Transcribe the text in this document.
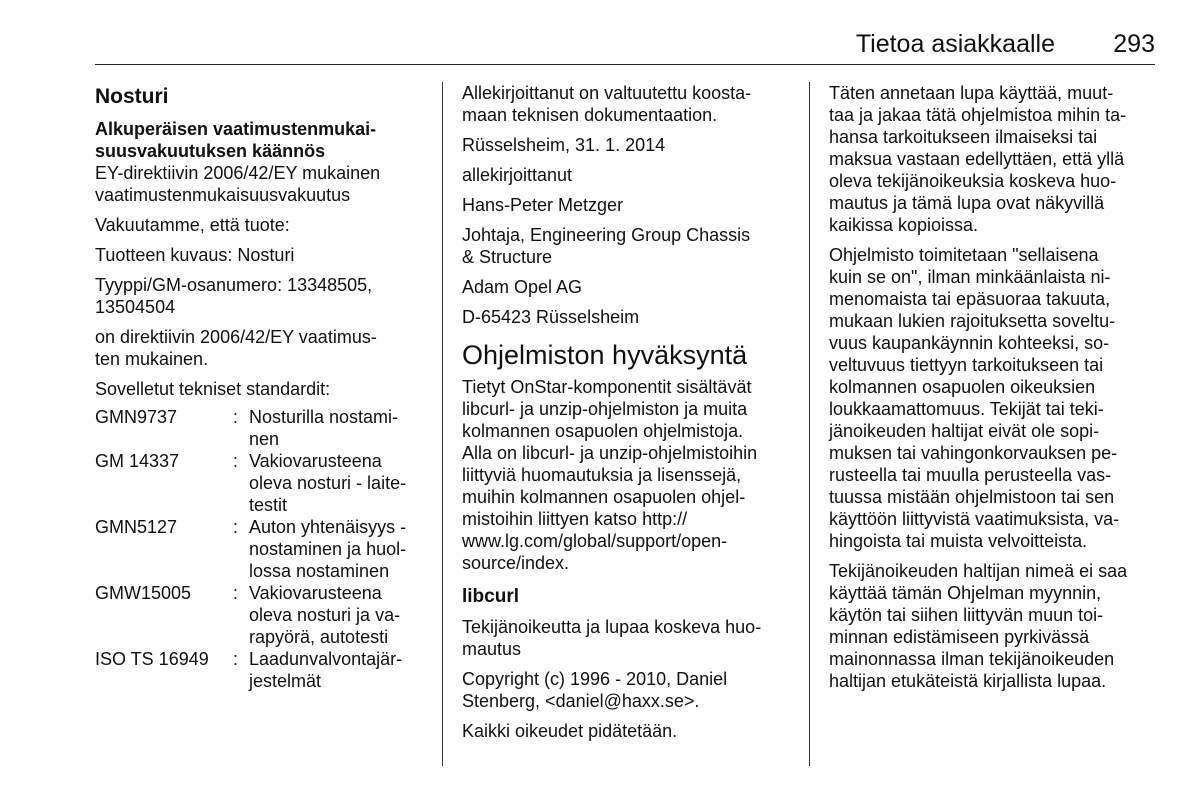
Tietoa asiakkaalle 293
Nosturi
Alkuperäisen vaatimustenmukai-
suusvakuutuksen käännös

EY-direktiivin 2006/42/EY mukainen
vaatimustenmukaisuusvakuutus

Vakuutamme, että tuote:

Tuotteen kuvaus: Nosturi

Tyyppi/GM-osanumero: 13348505,
13504504

on direktiivin 2006/42/EY vaatimus-
ten mukainen.

Sovelletut tekniset standardit:

GMN9737	:	Nosturilla nostami-
nen
GM 14337	:	Vakiovarusteena
oleva nosturi - laite-
testit
GMN5127	:	Auton yhtenäisyys -
nostaminen ja huol-
lossa nostaminen
GMW15005	:	Vakiovarusteena
oleva nosturi ja va-
rapyörä, autotesti
ISO TS 16949	:	Laadunvalvontajär-
jestelmät

Allekirjoittanut on valtuutettu koosta-
maan teknisen dokumentaation.

Rüsselsheim, 31. 1. 2014

allekirjoittanut

Hans-Peter Metzger

Johtaja, Engineering Group Chassis
& Structure

Adam Opel AG

D-65423 Rüsselsheim

Ohjelmiston hyväksyntä

Tietyt OnStar-komponentit sisältävät
libcurl- ja unzip-ohjelmiston ja muita
kolmannen osapuolen ohjelmistoja.
Alla on libcurl- ja unzip-ohjelmistoihin
liittyviä huomautuksia ja lisenssejä,
muihin kolmannen osapuolen ohjel-
mistoihin liittyen katso http://
www.lg.com/global/support/open-
source/index.

libcurl

Tekijänoikeutta ja lupaa koskeva huo-
mautus

Copyright (c) 1996 - 2010, Daniel
Stenberg, <daniel@haxx.se>.

Kaikki oikeudet pidätetään.

Täten annetaan lupa käyttää, muut-
taa ja jakaa tätä ohjelmistoa mihin ta-
hansa tarkoitukseen ilmaiseksi tai
maksua vastaan edellyttäen, että yllä
oleva tekijänoikeuksia koskeva huo-
mautus ja tämä lupa ovat näkyvillä
kaikissa kopioissa.

Ohjelmisto toimitetaan "sellaisena
kuin se on", ilman minkäänlaista ni-
menomaista tai epäsuoraa takuuta,
mukaan lukien rajoituksetta soveltu-
vuus kaupankäynnin kohteeksi, so-
veltuvuus tiettyyn tarkoitukseen tai
kolmannen osapuolen oikeuksien
loukkaamattomuus. Tekijät tai teki-
jänoikeuden haltijat eivät ole sopi-
muksen tai vahingonkorvauksen pe-
rusteella tai muulla perusteella vas-
tuussa mistään ohjelmistoon tai sen
käyttöön liittyvistä vaatimuksista, va-
hingoista tai muista velvoitteista.

Tekijänoikeuden haltijan nimeä ei saa
käyttää tämän Ohjelman myynnin,
käytön tai siihen liittyvän muun toi-
minnan edistämiseen pyrkivässä
mainonnassa ilman tekijänoikeuden
haltijan etukäteistä kirjallista lupaa.
